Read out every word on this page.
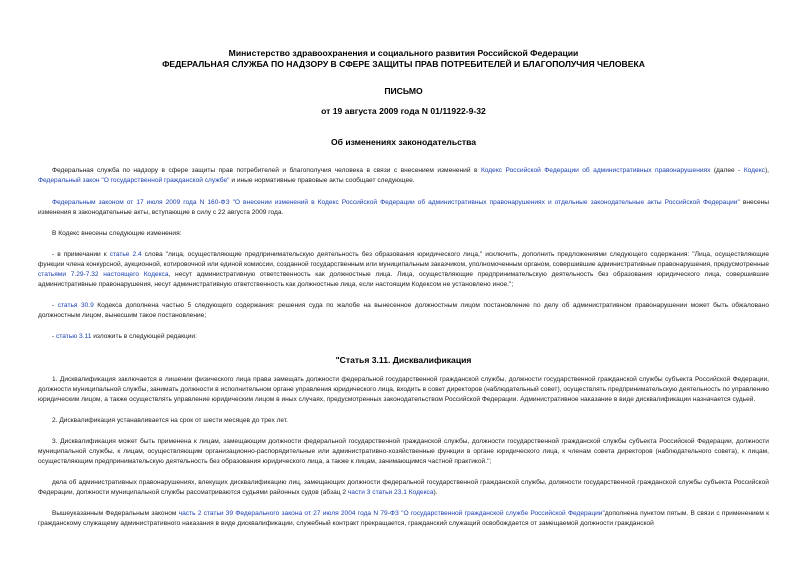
Министерство здравоохранения и социального развития Российской Федерации
ФЕДЕРАЛЬНАЯ СЛУЖБА ПО НАДЗОРУ В СФЕРЕ ЗАЩИТЫ ПРАВ ПОТРЕБИТЕЛЕЙ И БЛАГОПОЛУЧИЯ ЧЕЛОВЕКА
ПИСЬМО
от 19 августа 2009 года N 01/11922-9-32
Об изменениях законодательства

Федеральная служба по надзору в сфере защиты прав потребителей и благополучия человека в связи с внесением изменений в Кодекс Российской Федерации об административных правонарушениях (далее - Кодекс), Федеральный закон "О государственной гражданской службе" и иные нормативные правовые акты сообщает следующее.

Федеральным законом от 17 июля 2009 года N 160-ФЗ "О внесении изменений в Кодекс Российской Федерации об административных правонарушениях и отдельные законодательные акты Российской Федерации" внесены изменения в законодательные акты, вступающие в силу с 22 августа 2009 года.

В Кодекс внесены следующие изменения:

- в примечании к статье 2.4 слова "лица, осуществляющие предпринимательскую деятельность без образования юридического лица," исключить, дополнить предложениями следующего содержания: "Лица, осуществляющие функции члена конкурсной, аукционной, котировочной или единой комиссии, созданной государственным или муниципальным заказчиком, уполномоченным органом, совершившие административные правонарушения, предусмотренные статьями 7.29-7.32 настоящего Кодекса, несут административную ответственность как должностные лица. Лица, осуществляющие предпринимательскую деятельность без образования юридического лица, совершившие административные правонарушения, несут административную ответственность как должностные лица, если настоящим Кодексом не установлено иное.";

- статья 30.9 Кодекса дополнена частью 5 следующего содержания: решения суда по жалобе на вынесенное должностным лицом постановление по делу об административном правонарушении может быть обжаловано должностным лицом, вынесшим такое постановление;

- статью 3.11 изложить в следующей редакции:

"Статья 3.11. Дисквалификация

1. Дисквалификация заключается в лишении физического лица права замещать должности федеральной государственной гражданской службы, должности государственной гражданской службы субъекта Российской Федерации, должности муниципальной службы, занимать должности в исполнительном органе управления юридического лица, входить в совет директоров (наблюдательный совет), осуществлять предпринимательскую деятельность по управлению юридическим лицом, а также осуществлять управление юридическим лицом в иных случаях, предусмотренных законодательством Российской Федерации. Административное наказание в виде дисквалификации назначается судьей.

2. Дисквалификация устанавливается на срок от шести месяцев до трех лет.

3. Дисквалификация может быть применена к лицам, замещающим должности федеральной государственной гражданской службы, должности государственной гражданской службы субъекта Российской Федерации, должности муниципальной службы, к лицам, осуществляющим организационно-распорядительные или административно-хозяйственные функции в органе юридического лица, к членам совета директоров (наблюдательного совета), к лицам, осуществляющим предпринимательскую деятельность без образования юридического лица, а также к лицам, занимающимся частной практикой.";

дела об административных правонарушениях, влекущих дисквалификацию лиц, замещающих должности федеральной государственной гражданской службы, должности государственной гражданской службы субъекта Российской Федерации, должности муниципальной службы рассматриваются судьями районных судов (абзац 2 части 3 статьи 23.1 Кодекса).

Вышеуказанным Федеральным законом часть 2 статьи 39 Федерального закона от 27 июля 2004 года N 79-ФЗ "О государственной гражданской службе Российской Федерации"дополнена пунктом пятым. В связи с применением к гражданскому служащему административного наказания в виде дисквалификации, служебный контракт прекращается, гражданский служащий освобождается от замещаемой должности гражданской
